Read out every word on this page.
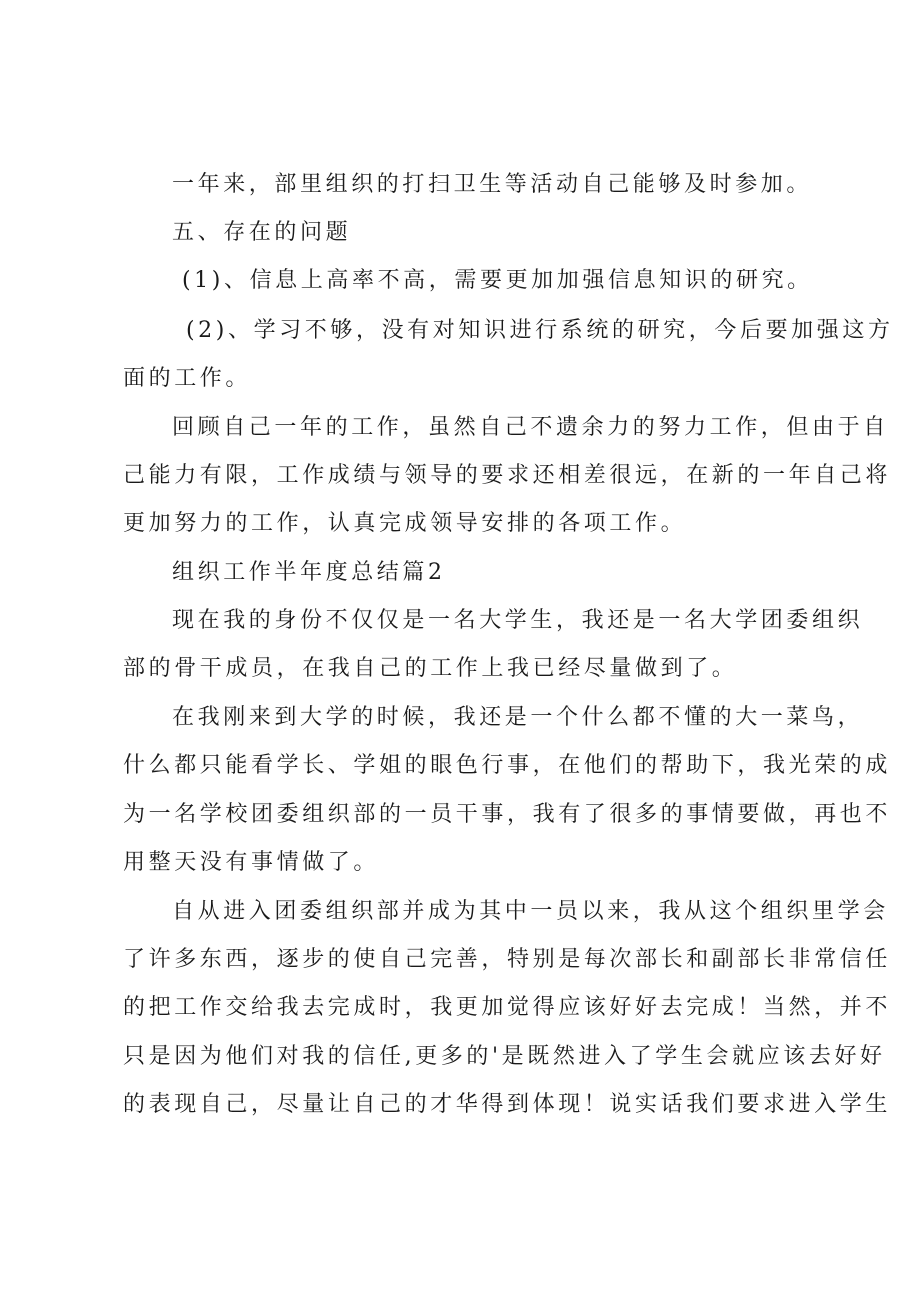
一年来，部里组织的打扫卫生等活动自己能够及时参加。
五、存在的问题
(1)、信息上高率不高，需要更加加强信息知识的研究。
(2)、学习不够，没有对知识进行系统的研究，今后要加强这方
面的工作。
回顾自己一年的工作，虽然自己不遗余力的努力工作，但由于自
己能力有限，工作成绩与领导的要求还相差很远，在新的一年自己将
更加努力的工作，认真完成领导安排的各项工作。
组织工作半年度总结篇2
现在我的身份不仅仅是一名大学生，我还是一名大学团委组织
部的骨干成员，在我自己的工作上我已经尽量做到了。
在我刚来到大学的时候，我还是一个什么都不懂的大一菜鸟，
什么都只能看学长、学姐的眼色行事，在他们的帮助下，我光荣的成
为一名学校团委组织部的一员干事，我有了很多的事情要做，再也不
用整天没有事情做了。
自从进入团委组织部并成为其中一员以来，我从这个组织里学会
了许多东西，逐步的使自己完善，特别是每次部长和副部长非常信任
的把工作交给我去完成时，我更加觉得应该好好去完成！当然，并不
只是因为他们对我的信任,更多的'是既然进入了学生会就应该去好好
的表现自己，尽量让自己的才华得到体现！说实话我们要求进入学生
